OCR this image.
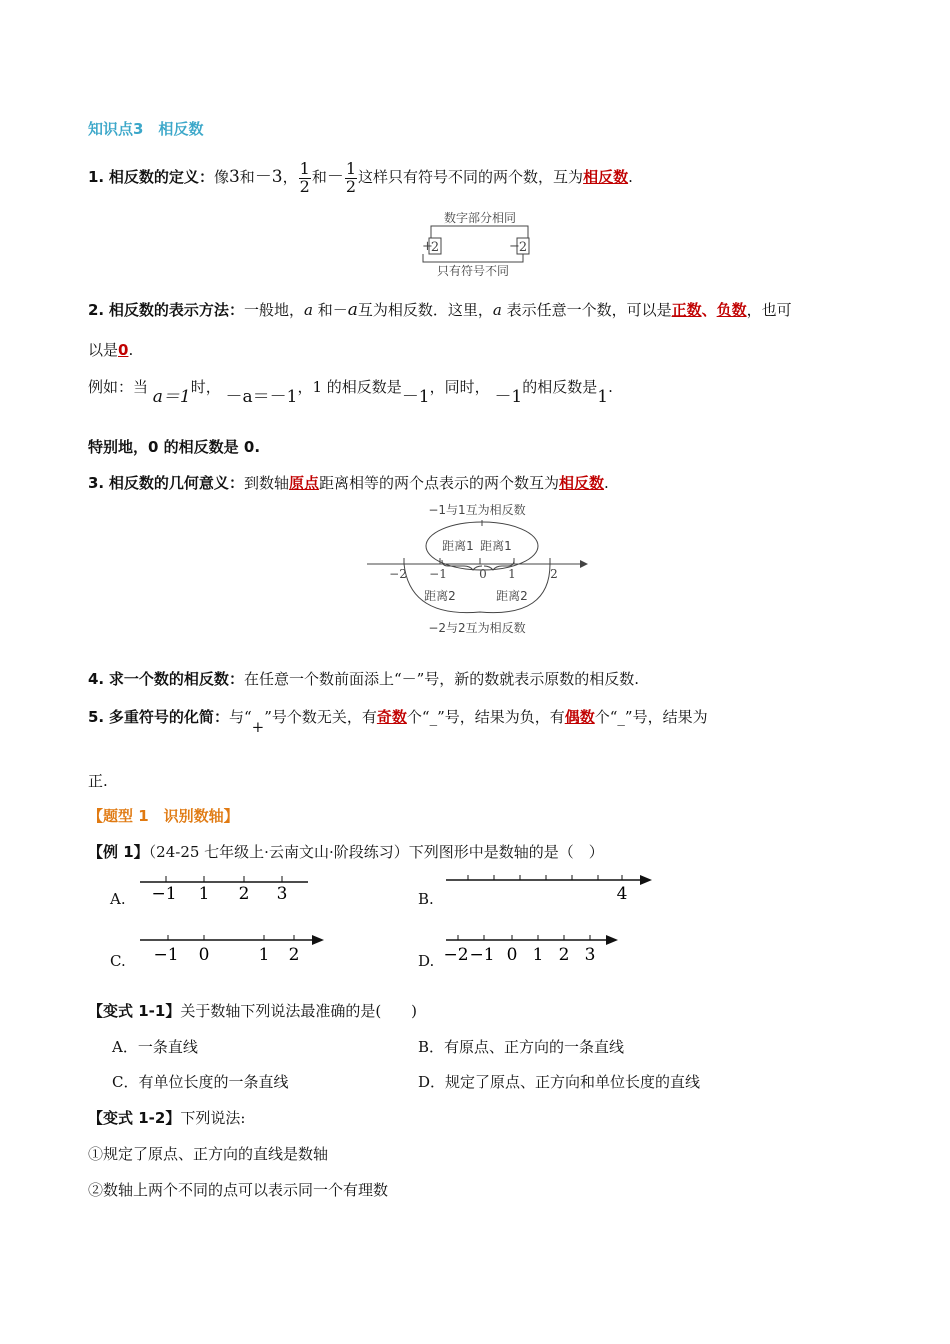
知识点3　相反数
1. 相反数的定义：像3和－3， $\frac{1}{2}$ 和－ $\frac{1}{2}$ 这样只有符号不同的两个数，互为相反数.
数字部分相同
+
2	−
2
只有符号不同
2. 相反数的表示方法：一般地，a 和－a互为相反数．这里，a 表示任意一个数，可以是正数、负数，也可
以是0.
例如：当 a＝1时， －a＝－1，1 的相反数是－1，同时， －1的相反数是1.
特别地，0 的相反数是 0.
3. 相反数的几何意义：到数轴原点距离相等的两个点表示的两个数互为相反数.
−1与1互为相反数
距离1 距离1
−2 −1	0 1	2
距离2	距离2
−2与2互为相反数
4. 求一个数的相反数：在任意一个数前面添上“－”号，新的数就表示原数的相反数.
5. 多重符号的化简：与“+”号个数无关，有奇数个“_”号，结果为负，有偶数个“_”号，结果为
正.
【题型 1　识别数轴】
【例 1】（24-25 七年级上·云南文山·阶段练习）下列图形中是数轴的是（　）
A. −1 1 2 3	B.	4
C. −1 0	1 2	D. −2 −1 0 1 2 3
【变式 1-1】关于数轴下列说法最准确的是(　　)
A．一条直线	B．有原点、正方向的一条直线
C．有单位长度的一条直线	D．规定了原点、正方向和单位长度的直线
【变式 1-2】下列说法:
①规定了原点、正方向的直线是数轴
②数轴上两个不同的点可以表示同一个有理数
